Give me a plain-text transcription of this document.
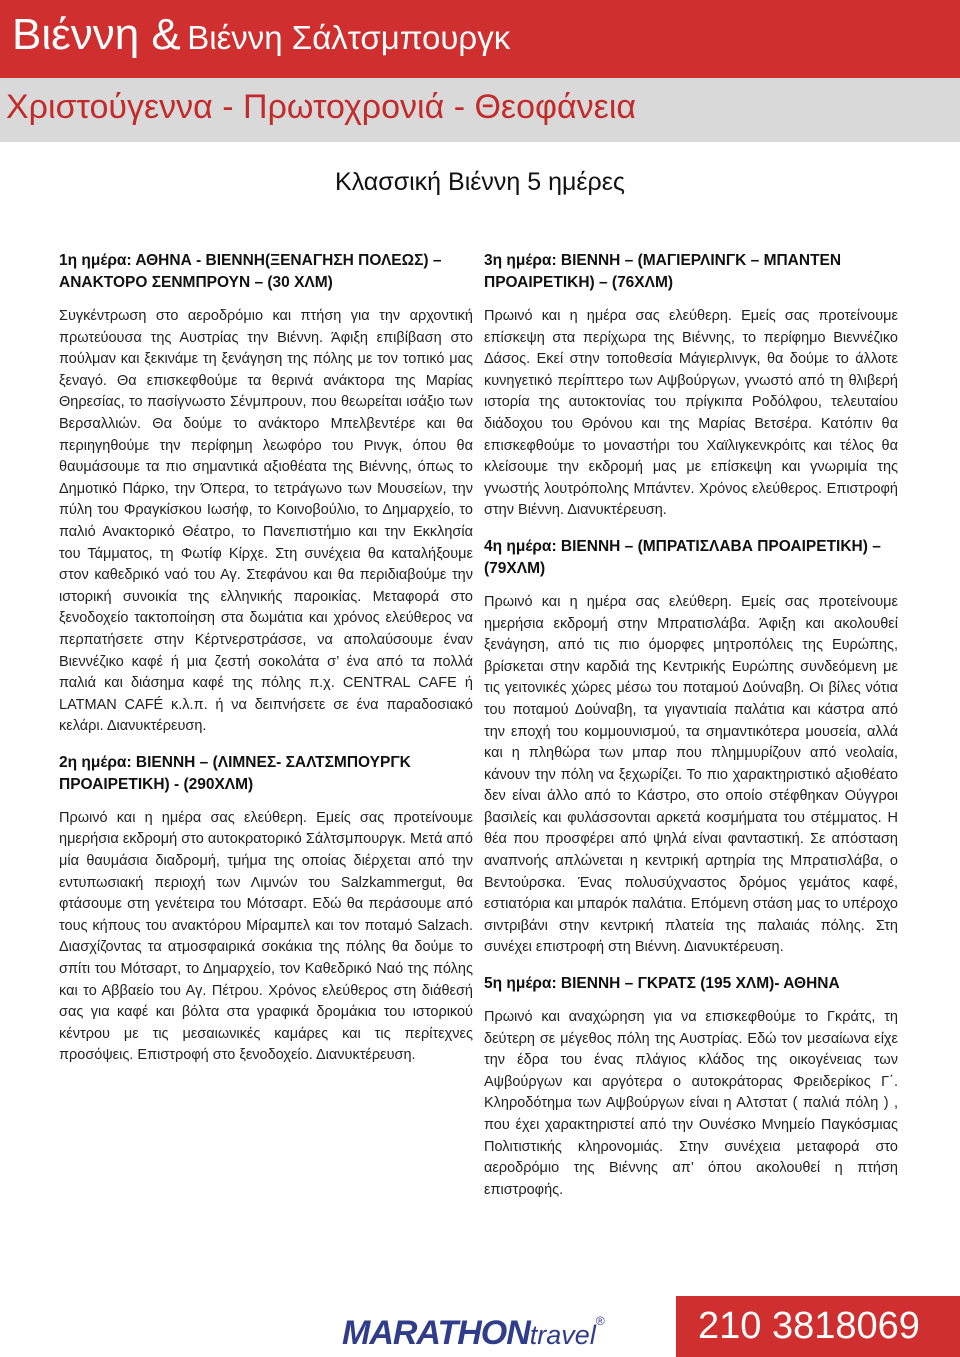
Βιέννη & Βιέννη Σάλτσμπουργκ
Χριστούγεννα - Πρωτοχρονιά - Θεοφάνεια
Κλασσική Βιέννη 5 ημέρες
1η ημέρα: ΑΘΗΝΑ - ΒΙΕΝΝΗ(ΞΕΝΑΓΗΣΗ ΠΟΛΕΩΣ) – ΑΝΑΚΤΟΡΟ ΣΕΝΜΠΡΟΥΝ – (30 ΧΛΜ)
Συγκέντρωση στο αεροδρόμιο και πτήση για την αρχοντική πρωτεύουσα της Αυστρίας την Βιέννη. Άφιξη επιβίβαση στο πούλμαν και ξεκινάμε τη ξενάγηση της πόλης με τον τοπικό μας ξεναγό. Θα επισκεφθούμε τα θερινά ανάκτορα της Μαρίας Θηρεσίας, το πασίγνωστο Σένμπρουν, που θεωρείται ισάξιο των Βερσαλλιών. Θα δούμε το ανάκτορο Μπελβεντέρε και θα περιηγηθούμε την περίφημη λεωφόρο του Ρινγκ, όπου θα θαυμάσουμε τα πιο σημαντικά αξιοθέατα της Βιέννης, όπως το Δημοτικό Πάρκο, την Όπερα, το τετράγωνο των Μουσείων, την πύλη του Φραγκίσκου Ιωσήφ, το Κοινοβούλιο, το Δημαρχείο, το παλιό Ανακτορικό Θέατρο, το Πανεπιστήμιο και την Εκκλησία του Τάμματος, τη Φωτίφ Κίρχε. Στη συνέχεια θα καταλήξουμε στον καθεδρικό ναό του Αγ. Στεφάνου και θα περιδιαβούμε την ιστορική συνοικία της ελληνικής παροικίας. Μεταφορά στο ξενοδοχείο τακτοποίηση στα δωμάτια και χρόνος ελεύθερος να περπατήσετε στην Κέρτνερστράσσε, να απολαύσουμε έναν Βιεννέζικο καφέ ή μια ζεστή σοκολάτα σ’ ένα από τα πολλά παλιά και διάσημα καφέ της πόλης π.χ. CENTRAL CAFE ή LATMAN CAFÉ κ.λ.π. ή να δειπνήσετε σε ένα παραδοσιακό κελάρι. Διανυκτέρευση.
2η ημέρα: ΒΙΕΝΝΗ – (ΛΙΜΝΕΣ- ΣΑΛΤΣΜΠΟΥΡΓΚ ΠΡΟΑΙΡΕΤΙΚΗ) - (290ΧΛΜ)
Πρωινό και η ημέρα σας ελεύθερη. Εμείς σας προτείνουμε ημερήσια εκδρομή στο αυτοκρατορικό Σάλτσμπουργκ. Μετά από μία θαυμάσια διαδρομή, τμήμα της οποίας διέρχεται από την εντυπωσιακή περιοχή των Λιμνών του Salzkammergut, θα φτάσουμε στη γενέτειρα του Μότσαρτ. Εδώ θα περάσουμε από τους κήπους του ανακτόρου Μίραμπελ και τον ποταμό Salzach. Διασχίζοντας τα ατμοσφαιρικά σοκάκια της πόλης θα δούμε το σπίτι του Μότσαρτ, το Δημαρχείο, τον Καθεδρικό Ναό της πόλης και το Αββαείο του Αγ. Πέτρου. Χρόνος ελεύθερος στη διάθεσή σας για καφέ και βόλτα στα γραφικά δρομάκια του ιστορικού κέντρου με τις μεσαιωνικές καμάρες και τις περίτεχνες προσόψεις. Επιστροφή στο ξενοδοχείο. Διανυκτέρευση.
3η ημέρα: ΒΙΕΝΝΗ – (ΜΑΓΙΕΡΛΙΝΓΚ – ΜΠΑΝΤΕΝ ΠΡΟΑΙΡΕΤΙΚΗ) – (76ΧΛΜ)
Πρωινό και η ημέρα σας ελεύθερη. Εμείς σας προτείνουμε επίσκεψη στα περίχωρα της Βιέννης, το περίφημο Βιεννέζικο Δάσος. Εκεί στην τοποθεσία Μάγιερλινγκ, θα δούμε το άλλοτε κυνηγετικό περίπτερο των Αψβούργων, γνωστό από τη θλιβερή ιστορία της αυτοκτονίας του πρίγκιπα Ροδόλφου, τελευταίου διάδοχου του Θρόνου και της Μαρίας Βετσέρα. Κατόπιν θα επισκεφθούμε το μοναστήρι του Χαϊλιγκενκρόιτς και τέλος θα κλείσουμε την εκδρομή μας με επίσκεψη και γνωριμία της γνωστής λουτρόπολης Μπάντεν. Χρόνος ελεύθερος. Επιστροφή στην Βιέννη. Διανυκτέρευση.
4η ημέρα: ΒΙΕΝΝΗ – (ΜΠΡΑΤΙΣΛΑΒΑ ΠΡΟΑΙΡΕΤΙΚΗ) – (79ΧΛΜ)
Πρωινό και η ημέρα σας ελεύθερη. Εμείς σας προτείνουμε ημερήσια εκδρομή στην Μπρατισλάβα. Άφιξη και ακολουθεί ξενάγηση, από τις πιο όμορφες μητροπόλεις της Ευρώπης, βρίσκεται στην καρδιά της Κεντρικής Ευρώπης συνδεόμενη με τις γειτονικές χώρες μέσω του ποταμού Δούναβη. Οι βίλες νότια του ποταμού Δούναβη, τα γιγαντιαία παλάτια και κάστρα από την εποχή του κομμουνισμού, τα σημαντικότερα μουσεία, αλλά και η πληθώρα των μπαρ που πλημμυρίζουν από νεολαία, κάνουν την πόλη να ξεχωρίζει. Το πιο χαρακτηριστικό αξιοθέατο δεν είναι άλλο από το Κάστρο, στο οποίο στέφθηκαν Ούγγροι βασιλείς και φυλάσσονται αρκετά κοσμήματα του στέμματος. Η θέα που προσφέρει από ψηλά είναι φανταστική. Σε απόσταση αναπνοής απλώνεται η κεντρική αρτηρία της Μπρατισλάβα, ο Βεντούρσκα. Ένας πολυσύχναστος δρόμος γεμάτος καφέ, εστιατόρια και μπαρόκ παλάτια. Επόμενη στάση μας το υπέροχο σιντριβάνι στην κεντρική πλατεία της παλαιάς πόλης. Στη συνέχει επιστροφή στη Βιέννη. Διανυκτέρευση.
5η ημέρα: ΒΙΕΝΝΗ – ΓΚΡΑΤΣ (195 ΧΛΜ)- ΑΘΗΝΑ
Πρωινό και αναχώρηση για να επισκεφθούμε το Γκράτς, τη δεύτερη σε μέγεθος πόλη της Αυστρίας. Εδώ τον μεσαίωνα είχε την έδρα του ένας πλάγιος κλάδος της οικογένειας των Αψβούργων και αργότερα ο αυτοκράτορας Φρειδερίκος Γ΄. Κληροδότημα των Αψβούργων είναι η Αλτστατ ( παλιά πόλη ) , που έχει χαρακτηριστεί από την Ουνέσκο Μνημείο Παγκόσμιας Πολιτιστικής κληρονομιάς. Στην συνέχεια μεταφορά στο αεροδρόμιο της Βιέννης απ’ όπου ακολουθεί η πτήση επιστροφής.
MARATHONtravel®	210 3818069
